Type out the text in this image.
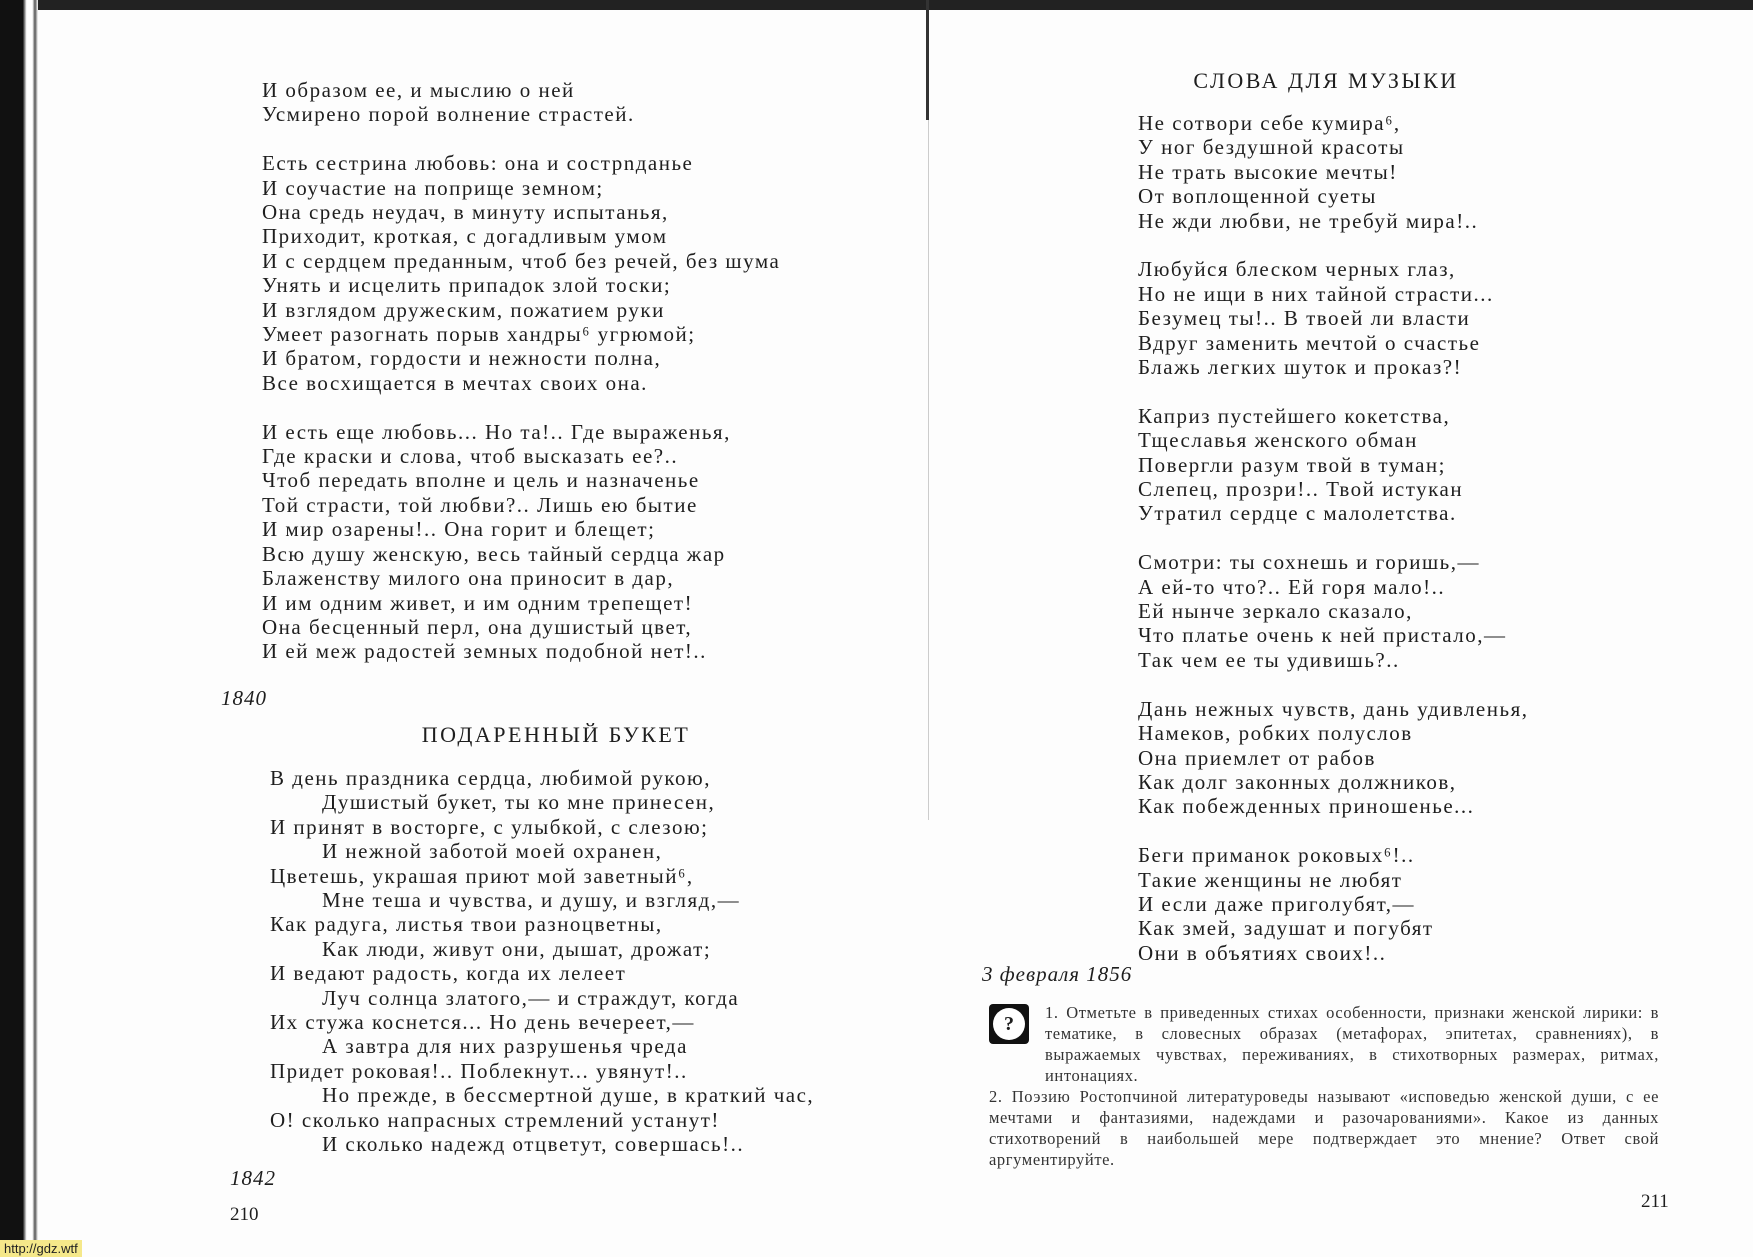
И образом ее, и мыслию о ней
Усмирено порой волнение страстей.
Есть сестрина любовь: она и сострnданье
И соучастие на поприще земном;
Она средь неудач, в минуту испытанья,
Приходит, кроткая, с догадливым умом
И с сердцем преданным, чтоб без речей, без шума
Унять и исцелить припадок злой тоски;
И взглядом дружеским, пожатием руки
Умеет разогнать порыв хандры⁶ угрюмой;
И братом, гордости и нежности полна,
Все восхищается в мечтах своих она.
И есть еще любовь... Но та!.. Где выраженья,
Где краски и слова, чтоб высказать ее?..
Чтоб передать вполне и цель и назначенье
Той страсти, той любви?.. Лишь ею бытие
И мир озарены!.. Она горит и блещет;
Всю душу женскую, весь тайный сердца жар
Блаженству милого она приносит в дар,
И им одним живет, и им одним трепещет!
Она бесценный перл, она душистый цвет,
И ей меж радостей земных подобной нет!..
1840
ПОДАРЕННЫЙ БУКЕТ
В день праздника сердца, любимой рукою,
Душистый букет, ты ко мне принесен,
И принят в восторге, с улыбкой, с слезою;
И нежной заботой моей охранен,
Цветешь, украшая приют мой заветный⁶,
Мне теша и чувства, и душу, и взгляд,—
Как радуга, листья твои разноцветны,
Как люди, живут они, дышат, дрожат;
И ведают радость, когда их лелеет
Луч солнца златого,— и страждут, когда
Их стужа коснется... Но день вечереет,—
А завтра для них разрушенья чреда
Придет роковая!.. Поблекнут... увянут!..
Но прежде, в бессмертной душе, в краткий час,
О! сколько напрасных стремлений устанут!
И сколько надежд отцветут, совершась!..
1842
210
СЛОВА ДЛЯ МУЗЫКИ
Не сотвори себе кумира⁶,
У ног бездушной красоты
Не трать высокие мечты!
От воплощенной суеты
Не жди любви, не требуй мира!..
Любуйся блеском черных глаз,
Но не ищи в них тайной страсти...
Безумец ты!.. В твоей ли власти
Вдруг заменить мечтой о счастье
Блажь легких шуток и проказ?!
Каприз пустейшего кокетства,
Тщеславья женского обман
Повергли разум твой в туман;
Слепец, прозри!.. Твой истукан
Утратил сердце с малолетства.
Смотри: ты сохнешь и горишь,—
А ей-то что?.. Ей горя мало!..
Ей нынче зеркало сказало,
Что платье очень к ней пристало,—
Так чем ее ты удивишь?..
Дань нежных чувств, дань удивленья,
Намеков, робких полуслов
Она приемлет от рабов
Как долг законных должников,
Как побежденных приношенье...
Беги приманок роковых⁶!..
Такие женщины не любят
И если даже приголубят,—
Как змей, задушат и погубят
Они в объятиях своих!..
3 февраля 1856
?

1. Отметьте в приведенных стихах особенности, признаки женской лирики: в тематике, в словесных образах (метафорах, эпитетах, сравнениях), в выражаемых чувствах, переживаниях, в стихотворных размерах, ритмах, интонациях.

2. Поэзию Ростопчиной литературоведы называют «исповедью женской души, с ее мечтами и фантазиями, надеждами и разочарованиями». Какое из данных стихотворений в наибольшей мере подтверждает это мнение? Ответ свой аргументируйте.

211
http://gdz.wtf
